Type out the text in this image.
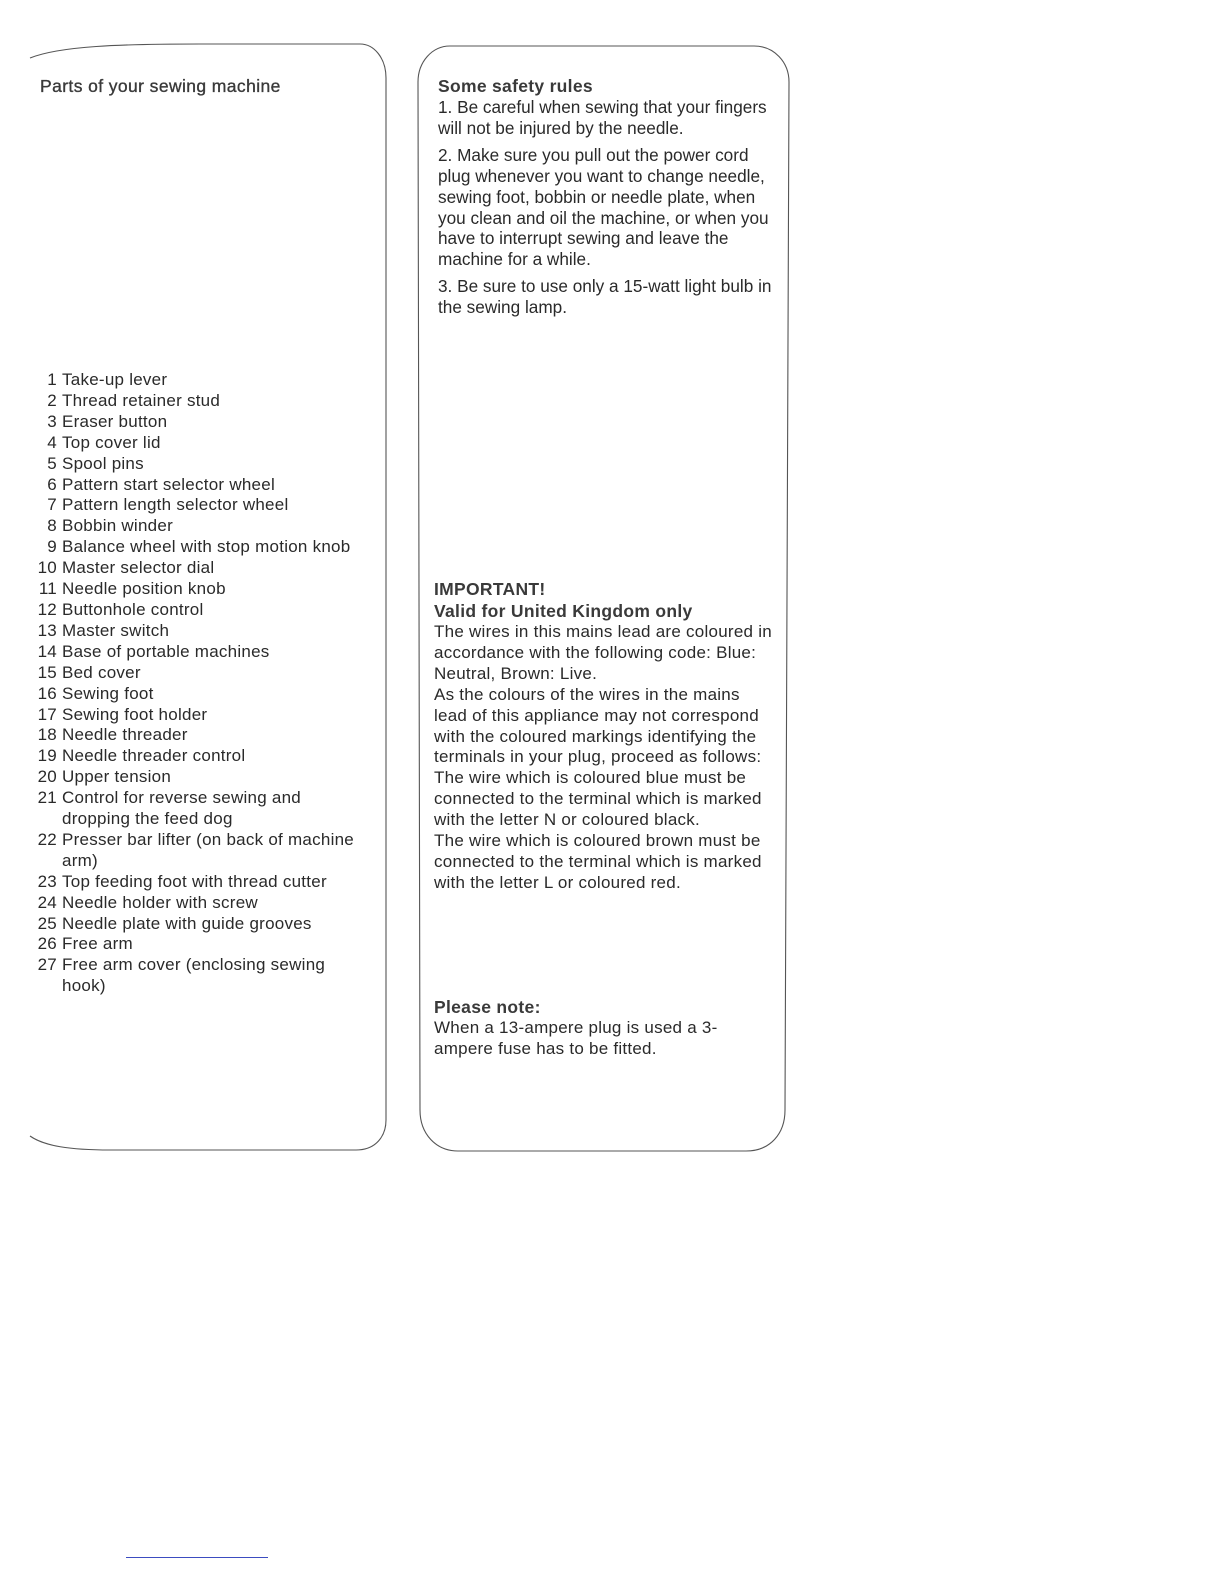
Parts of your sewing machine
1 Take-up lever
2 Thread retainer stud
3 Eraser button
4 Top cover lid
5 Spool pins
6 Pattern start selector wheel
7 Pattern length selector wheel
8 Bobbin winder
9 Balance wheel with stop motion knob
10 Master selector dial
11 Needle position knob
12 Buttonhole control
13 Master switch
14 Base of portable machines
15 Bed cover
16 Sewing foot
17 Sewing foot holder
18 Needle threader
19 Needle threader control
20 Upper tension
21 Control for reverse sewing and dropping the feed dog
22 Presser bar lifter (on back of machine arm)
23 Top feeding foot with thread cutter
24 Needle holder with screw
25 Needle plate with guide grooves
26 Free arm
27 Free arm cover (enclosing sewing hook)
Some safety rules

1. Be careful when sewing that your fingers will not be injured by the needle.

2. Make sure you pull out the power cord plug whenever you want to change needle, sewing foot, bobbin or needle plate, when you clean and oil the machine, or when you have to interrupt sewing and leave the machine for a while.

3. Be sure to use only a 15-watt light bulb in the sewing lamp.

IMPORTANT!
Valid for United Kingdom only

The wires in this mains lead are coloured in accordance with the following code: Blue: Neutral, Brown: Live.

As the colours of the wires in the mains lead of this appliance may not correspond with the coloured markings identifying the terminals in your plug, proceed as follows:

The wire which is coloured blue must be connected to the terminal which is marked with the letter N or coloured black.

The wire which is coloured brown must be connected to the terminal which is marked with the letter L or coloured red.

Please note:

When a 13-ampere plug is used a 3-ampere fuse has to be fitted.
